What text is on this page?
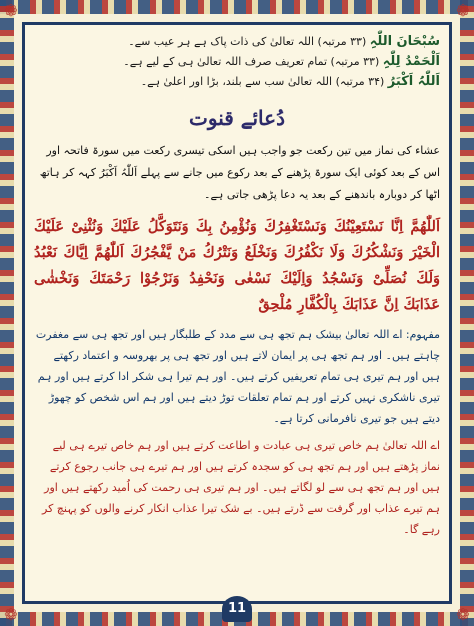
❁	❁
❁	❁

سُبْحَانَ اللّٰہِ (۳۳ مرتبہ) اللہ تعالیٰ کی ذات پاک ہے ہر عیب سے۔

اَلْحَمْدُ لِلّٰہِ (۳۳ مرتبہ) تمام تعریف صرف اللہ تعالیٰ ہی کے لیے ہے۔

اَللّٰہُ اَکْبَرُ (۳۴ مرتبہ) اللہ تعالیٰ سب سے بلند، بڑا اور اعلیٰ ہے۔

دُعائے قنوت

عشاء کی نماز میں تین رکعت جو واجب ہیں اسکی تیسری رکعت میں سورۃ فاتحہ اور اس کے بعد کوئی ایک سورۃ پڑھنے کے بعد رکوع میں جانے سے پہلے اَللّٰہُ اَکْبَرُ کہہ کر ہاتھ اٹھا کر دوبارہ باندھنے کے بعد یہ دعا پڑھی جاتی ہے۔

اَللّٰھُمَّ اِنَّا نَسْتَعِیْنُكَ وَنَسْتَغْفِرُكَ وَنُؤْمِنُ بِكَ وَنَتَوَكَّلُ عَلَیْكَ وَنُثْنِیْ عَلَیْكَ الْخَیْرَ وَنَشْكُرُكَ وَلَا نَكْفُرُكَ وَنَخْلَعُ وَنَتْرُكُ مَنْ یَّفْجُرُكَ اَللّٰھُمَّ اِیَّاكَ نَعْبُدُ وَلَكَ نُصَلِّیْ وَنَسْجُدُ وَاِلَیْكَ نَسْعٰی وَنَحْفِدُ وَنَرْجُوْا رَحْمَتَكَ وَنَخْشٰی عَذَابَكَ اِنَّ عَذَابَكَ بِالْكُفَّارِ مُلْحِقٌ

مفہوم: اے اللہ تعالیٰ بیشک ہم تجھ ہی سے مدد کے طلبگار ہیں اور تجھ ہی سے مغفرت چاہتے ہیں۔ اور ہم تجھ ہی پر ایمان لاتے ہیں اور تجھ ہی پر بھروسہ و اعتماد رکھتے ہیں اور ہم تیری ہی تمام تعریفیں کرتے ہیں۔ اور ہم تیرا ہی شکر ادا کرتے ہیں اور ہم تیری ناشکری نہیں کرتے اور ہم تمام تعلقات توڑ دیتے ہیں اور ہم اس شخص کو چھوڑ دیتے ہیں جو تیری نافرمانی کرتا ہے۔

اے اللہ تعالیٰ ہم خاص تیری ہی عبادت و اطاعت کرتے ہیں اور ہم خاص تیرے ہی لیے نماز پڑھتے ہیں اور ہم تجھ ہی کو سجدہ کرتے ہیں اور ہم تیرے ہی جانب رجوع کرتے ہیں اور ہم تجھ ہی سے لو لگاتے ہیں۔ اور ہم تیری ہی رحمت کی اُمید رکھتے ہیں اور ہم تیرے عذاب اور گرفت سے ڈرتے ہیں۔ بے شک تیرا عذاب انکار کرنے والوں کو پہنچ کر رہے گا۔

11
